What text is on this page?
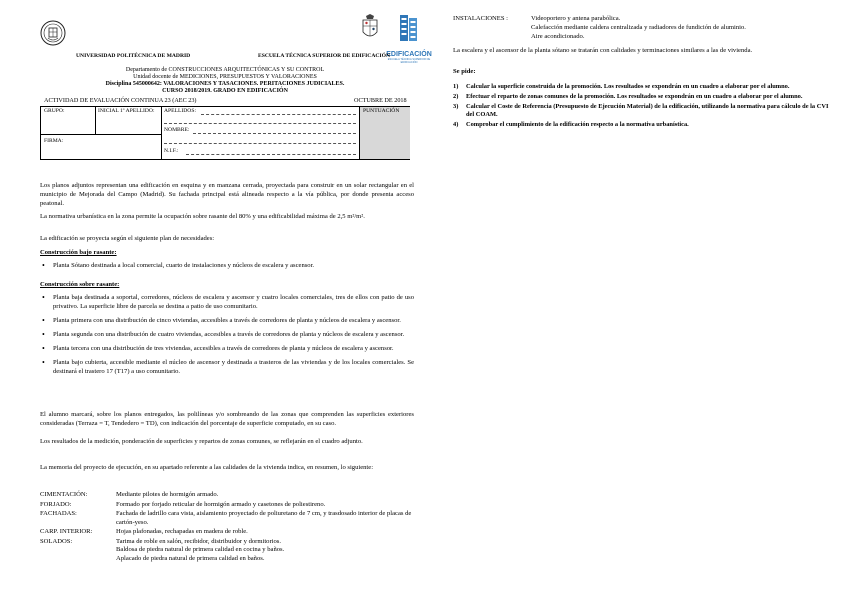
EDIFICACIÓN
ESCUELA TÉCNICA SUPERIOR DE EDIFICACIÓN
UNIVERSIDAD POLITÉCNICA DE MADRID	ESCUELA TÉCNICA SUPERIOR DE EDIFICACIÓN
Departamento de CONSTRUCCIONES ARQUITECTÓNICAS Y SU CONTROL
Unidad docente de MEDICIONES, PRESUPUESTOS Y VALORACIONES
Disciplina 545000642: VALORACIONES Y TASACIONES. PERITACIONES JUDICIALES.
CURSO 2018/2019. GRADO EN EDIFICACIÓN
ACTIVIDAD DE EVALUACIÓN CONTINUA 23 (AEC 23)	OCTUBRE DE 2018
GRUPO:	INICIAL 1º APELLIDO: APELLIDOS:	PUNTUACIÓN
FIRMA:
NOMBRE:
N.I.F.:
Los planos adjuntos representan una edificación en esquina y en manzana cerrada, proyectada para construir en un solar rectangular en el municipio de Mejorada del Campo (Madrid). Su fachada principal está alineada respecto a la vía pública, por donde presenta acceso peatonal.
La normativa urbanística en la zona permite la ocupación sobre rasante del 80% y una edificabilidad máxima de 2,5 m²/m².
La edificación se proyecta según el siguiente plan de necesidades:
Construcción bajo rasante:
• Planta Sótano destinada a local comercial, cuarto de instalaciones y núcleos de escalera y ascensor.
Construcción sobre rasante:
• Planta baja destinada a soportal, corredores, núcleos de escalera y ascensor y cuatro locales comerciales, tres de ellos con patio de uso privativo. La superficie libre de parcela se destina a patio de uso comunitario.
• Planta primera con una distribución de cinco viviendas, accesibles a través de corredores de planta y núcleos de escalera y ascensor.
• Planta segunda con una distribución de cuatro viviendas, accesibles a través de corredores de planta y núcleos de escalera y ascensor.
• Planta tercera con una distribución de tres viviendas, accesibles a través de corredores de planta y núcleos de escalera y ascensor.
• Planta bajo cubierta, accesible mediante el núcleo de ascensor y destinada a trasteros de las viviendas y de los locales comerciales. Se destinará el trastero 17 (T17) a uso comunitario.
El alumno marcará, sobre los planos entregados, las polilíneas y/o sombreando de las zonas que comprenden las superficies exteriores consideradas (Terraza = T, Tendedero = TD), con indicación del porcentaje de superficie computado, en su caso.
Los resultados de la medición, ponderación de superficies y repartos de zonas comunes, se reflejarán en el cuadro adjunto.
La memoria del proyecto de ejecución, en su apartado referente a las calidades de la vivienda indica, en resumen, lo siguiente:
CIMENTACIÓN:	Mediante pilotes de hormigón armado.
FORJADO:	Formado por forjado reticular de hormigón armado y casetones de poliestireno.
FACHADAS:	Fachada de ladrillo cara vista, aislamiento proyectado de poliuretano de 7 cm, y trasdosado interior de placas de cartón-yeso.
CARP. INTERIOR:	Hojas plafonadas, rechapadas en madera de roble.
SOLADOS:	Tarima de roble en salón, recibidor, distribuidor y dormitorios.
Baldosa de piedra natural de primera calidad en cocina y baños.
Aplacado de piedra natural de primera calidad en baños.
INSTALACIONES :	Videoportero y antena parabólica.
Calefacción mediante caldera centralizada y radiadores de fundición de aluminio.
Aire acondicionado.
La escalera y el ascensor de la planta sótano se tratarán con calidades y terminaciones similares a las de vivienda.
Se pide:
1) Calcular la superficie construida de la promoción. Los resultados se expondrán en un cuadro a elaborar por el alumno.
2) Efectuar el reparto de zonas comunes de la promoción. Los resultados se expondrán en un cuadro a elaborar por el alumno.
3) Calcular el Coste de Referencia (Presupuesto de Ejecución Material) de la edificación, utilizando la normativa para cálculo de la CVI del COAM.
4) Comprobar el cumplimiento de la edificación respecto a la normativa urbanística.
